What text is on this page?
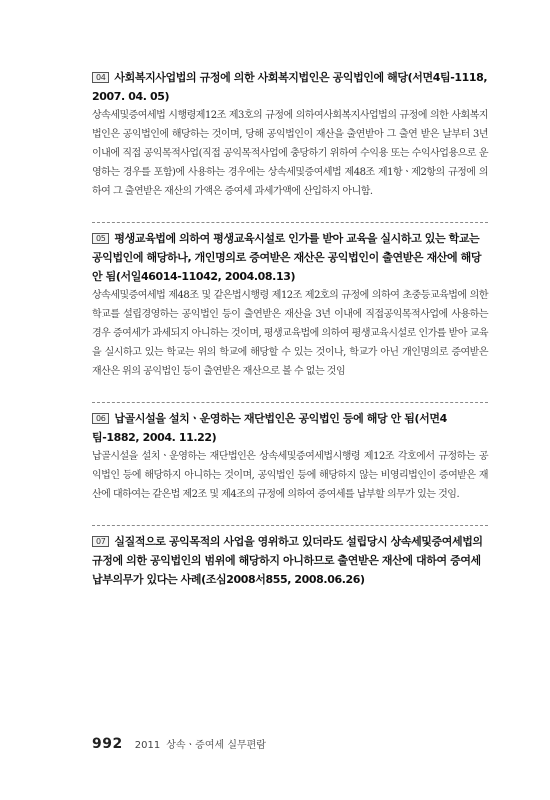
04 사회복지사업법의 규정에 의한 사회복지법인은 공익법인에 해당(서면4팀-1118, 2007. 04. 05)

상속세및증여세법 시행령제12조 제3호의 규정에 의하여사회복지사업법의 규정에 의한 사회복지법인은 공익법인에 해당하는 것이며, 당해 공익법인이 재산을 출연받아 그 출연 받은 날부터 3년 이내에 직접 공익목적사업(직접 공익목적사업에 충당하기 위하여 수익용 또는 수익사업용으로 운영하는 경우를 포함)에 사용하는 경우에는 상속세및증여세법 제48조 제1항ㆍ제2항의 규정에 의하여 그 출연받은 재산의 가액은 증여세 과세가액에 산입하지 아니함.

05 평생교육법에 의하여 평생교육시설로 인가를 받아 교육을 실시하고 있는 학교는 공익법인에 해당하나, 개인명의로 증여받은 재산은 공익법인이 출연받은 재산에 해당 안 됨(서일46014-11042, 2004.08.13)

상속세및증여세법 제48조 및 같은법시행령 제12조 제2호의 규정에 의하여 초중등교육법에 의한 학교를 설립경영하는 공익법인 등이 출연받은 재산을 3년 이내에 직접공익목적사업에 사용하는 경우 증여세가 과세되지 아니하는 것이며, 평생교육법에 의하여 평생교육시설로 인가를 받아 교육을 실시하고 있는 학교는 위의 학교에 해당할 수 있는 것이나, 학교가 아닌 개인명의로 증여받은 재산은 위의 공익법인 등이 출연받은 재산으로 볼 수 없는 것임

06 납골시설을 설치ㆍ운영하는 재단법인은 공익법인 등에 해당 안 됨(서면4팀-1882, 2004. 11.22)

납골시설을 설치ㆍ운영하는 재단법인은 상속세및증여세법시행령 제12조 각호에서 규정하는 공익법인 등에 해당하지 아니하는 것이며, 공익법인 등에 해당하지 않는 비영리법인이 증여받은 재산에 대하여는 같은법 제2조 및 제4조의 규정에 의하여 증여세를 납부할 의무가 있는 것임.

07 실질적으로 공익목적의 사업을 영위하고 있더라도 설립당시 상속세및증여세법의 규정에 의한 공익법인의 범위에 해당하지 아니하므로 출연받은 재산에 대하여 증여세 납부의무가 있다는 사례(조심2008서855, 2008.06.26)

992 2011 상속ㆍ증여세 실무편람
